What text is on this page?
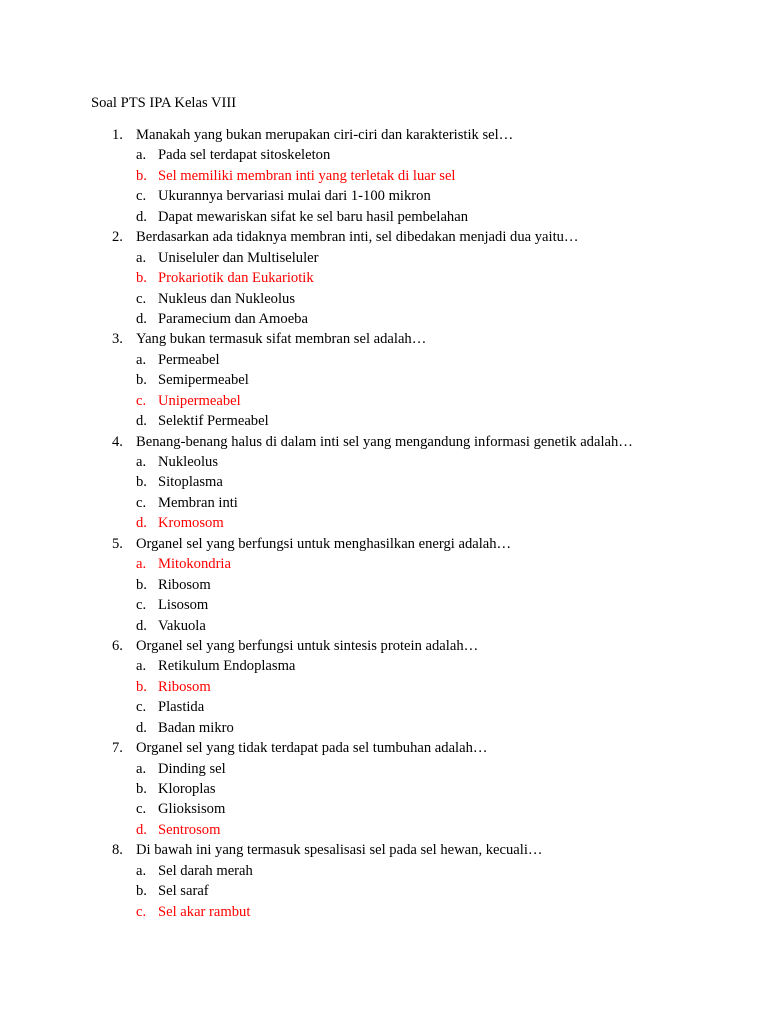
Soal PTS IPA Kelas VIII
1. Manakah yang bukan merupakan ciri-ciri dan karakteristik sel…
a. Pada sel terdapat sitoskeleton
b. Sel memiliki membran inti yang terletak di luar sel
c. Ukurannya bervariasi mulai dari 1-100 mikron
d. Dapat mewariskan sifat ke sel baru hasil pembelahan
2. Berdasarkan ada tidaknya membran inti, sel dibedakan menjadi dua yaitu…
a. Uniseluler dan Multiseluler
b. Prokariotik dan Eukariotik
c. Nukleus dan Nukleolus
d. Paramecium dan Amoeba
3. Yang bukan termasuk sifat membran sel adalah…
a. Permeabel
b. Semipermeabel
c. Unipermeabel
d. Selektif Permeabel
4. Benang-benang halus di dalam inti sel yang mengandung informasi genetik adalah…
a. Nukleolus
b. Sitoplasma
c. Membran inti
d. Kromosom
5. Organel sel yang berfungsi untuk menghasilkan energi adalah…
a. Mitokondria
b. Ribosom
c. Lisosom
d. Vakuola
6. Organel sel yang berfungsi untuk sintesis protein adalah…
a. Retikulum Endoplasma
b. Ribosom
c. Plastida
d. Badan mikro
7. Organel sel yang tidak terdapat pada sel tumbuhan adalah…
a. Dinding sel
b. Kloroplas
c. Glioksisom
d. Sentrosom
8. Di bawah ini yang termasuk spesalisasi sel pada sel hewan, kecuali…
a. Sel darah merah
b. Sel saraf
c. Sel akar rambut
